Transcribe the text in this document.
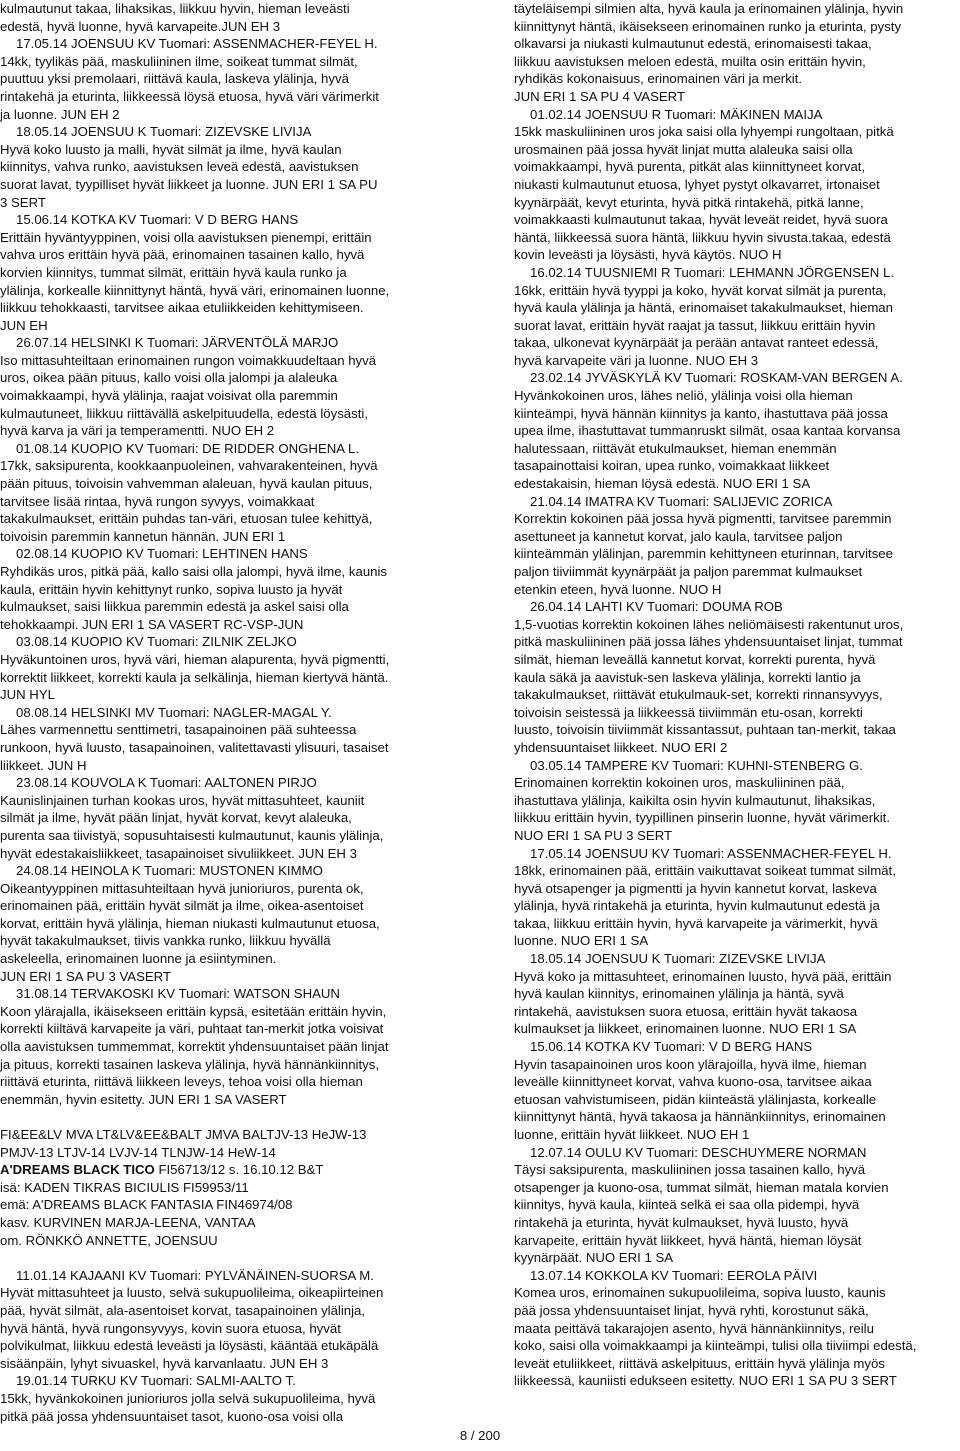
kulmautunut takaa, lihaksikas, liikkuu hyvin, hieman leveästi
edestä, hyvä luonne, hyvä karvapeite.JUN EH 3
17.05.14 JOENSUU KV Tuomari: ASSENMACHER-FEYEL H.
14kk, tyylikäs pää, maskuliininen ilme, soikeat tummat silmät,
puuttuu yksi premolaari, riittävä kaula, laskeva ylälinja, hyvä
rintakehä ja eturinta, liikkeessä löysä etuosa, hyvä väri värimerkit
ja luonne. JUN EH 2
18.05.14 JOENSUU K Tuomari: ZIZEVSKE LIVIJA
Hyvä koko luusto ja malli, hyvät silmät ja ilme, hyvä kaulan
kiinnitys, vahva runko, aavistuksen leveä edestä, aavistuksen
suorat lavat, tyypilliset hyvät liikkeet ja luonne. JUN ERI 1 SA PU
3 SERT
15.06.14 KOTKA KV Tuomari: V D BERG HANS
Erittäin hyväntyyppinen, voisi olla aavistuksen pienempi, erittäin
vahva uros erittäin hyvä pää, erinomainen tasainen kallo, hyvä
korvien kiinnitys, tummat silmät, erittäin hyvä kaula runko ja
ylälinja, korkealle kiinnittynyt häntä, hyvä väri, erinomainen luonne,
liikkuu tehokkaasti, tarvitsee aikaa etuliikkeiden kehittymiseen.
JUN EH
26.07.14 HELSINKI K Tuomari: JÄRVENTÖLÄ MARJO
Iso mittasuhteiltaan erinomainen rungon voimakkuudeltaan hyvä
uros, oikea pään pituus, kallo voisi olla jalompi ja alaleuka
voimakkaampi, hyvä ylälinja, raajat voisivat olla paremmin
kulmautuneet, liikkuu riittävällä askelpituudella, edestä löysästi,
hyvä karva ja väri ja temperamentti. NUO EH 2
01.08.14 KUOPIO KV Tuomari: DE RIDDER ONGHENA L.
17kk, saksipurenta, kookkaanpuoleinen, vahvarakenteinen, hyvä
pään pituus, toivoisin vahvemman alaleuan, hyvä kaulan pituus,
tarvitsee lisää rintaa, hyvä rungon syvyys, voimakkaat
takakulmaukset, erittäin puhdas tan-väri, etuosan tulee kehittyä,
toivoisin paremmin kannetun hännän. JUN ERI 1
02.08.14 KUOPIO KV Tuomari: LEHTINEN HANS
Ryhdikäs uros, pitkä pää, kallo saisi olla jalompi, hyvä ilme, kaunis
kaula, erittäin hyvin kehittynyt runko, sopiva luusto ja hyvät
kulmaukset, saisi liikkua paremmin edestä ja askel saisi olla
tehokkaampi. JUN ERI 1 SA VASERT RC-VSP-JUN
03.08.14 KUOPIO KV Tuomari: ZILNIK ZELJKO
Hyväkuntoinen uros, hyvä väri, hieman alapurenta, hyvä pigmentti,
korrektit liikkeet, korrekti kaula ja selkälinja, hieman kiertyvä häntä.
JUN HYL
08.08.14 HELSINKI MV Tuomari: NAGLER-MAGAL Y.
Lähes varmennettu senttimetri, tasapainoinen pää suhteessa
runkoon, hyvä luusto, tasapainoinen, valitettavasti ylisuuri, tasaiset
liikkeet. JUN H
23.08.14 KOUVOLA K Tuomari: AALTONEN PIRJO
Kaunislinjainen turhan kookas uros, hyvät mittasuhteet, kauniit
silmät ja ilme, hyvät pään linjat, hyvät korvat, kevyt alaleuka,
purenta saa tiivistyä, sopusuhtaisesti kulmautunut, kaunis ylälinja,
hyvät edestakaisliikkeet, tasapainoiset sivuliikkeet. JUN EH 3
24.08.14 HEINOLA K Tuomari: MUSTONEN KIMMO
Oikeantyyppinen mittasuhteiltaan hyvä junioriuros, purenta ok,
erinomainen pää, erittäin hyvät silmät ja ilme, oikea-asentoiset
korvat, erittäin hyvä ylälinja, hieman niukasti kulmautunut etuosa,
hyvät takakulmaukset, tiivis vankka runko, liikkuu hyvällä
askeleella, erinomainen luonne ja esiintyminen.
JUN ERI 1 SA PU 3 VASERT
31.08.14 TERVAKOSKI KV Tuomari: WATSON SHAUN
Koon ylärajalla, ikäisekseen erittäin kypsä, esitetään erittäin hyvin,
korrekti kiiltävä karvapeite ja väri, puhtaat tan-merkit jotka voisivat
olla aavistuksen tummemmat, korrektit yhdensuuntaiset pään linjat
ja pituus, korrekti tasainen laskeva ylälinja, hyvä hännänkiinnitys,
riittävä eturinta, riittävä liikkeen leveys, tehoa voisi olla hieman
enemmän, hyvin esitetty. JUN ERI 1 SA VASERT
FI&EE&LV MVA LT&LV&EE&BALT JMVA BALTJV-13 HeJW-13
PMJV-13 LTJV-14 LVJV-14 TLNJW-14 HeW-14
A'DREAMS BLACK TICO FI56713/12 s. 16.10.12 B&T
isä: KADEN TIKRAS BICIULIS FI59953/11
emä: A'DREAMS BLACK FANTASIA FIN46974/08
kasv. KURVINEN MARJA-LEENA, VANTAA
om. RÖNKKÖ ANNETTE, JOENSUU
11.01.14 KAJAANI KV Tuomari: PYLVÄNÄINEN-SUORSA M.
Hyvät mittasuhteet ja luusto, selvä sukupuolileima, oikeapiirteinen
pää, hyvät silmät, ala-asentoiset korvat, tasapainoinen ylälinja,
hyvä häntä, hyvä rungonsyvyys, kovin suora etuosa, hyvät
polvikulmat, liikkuu edestä leveästi ja löysästi, kääntää etukäpälä
sisäänpäin, lyhyt sivuaskel, hyvä karvanlaatu. JUN EH 3
19.01.14 TURKU KV Tuomari: SALMI-AALTO T.
15kk, hyvänkokoinen junioriuros jolla selvä sukupuolileima, hyvä
pitkä pää jossa yhdensuuntaiset tasot, kuono-osa voisi olla
täyteläisempi silmien alta, hyvä kaula ja erinomainen ylälinja, hyvin
kiinnittynyt häntä, ikäisekseen erinomainen runko ja eturinta, pysty
olkavarsi ja niukasti kulmautunut edestä, erinomaisesti takaa,
liikkuu aavistuksen meloen edestä, muilta osin erittäin hyvin,
ryhdikäs kokonaisuus, erinomainen väri ja merkit.
JUN ERI 1 SA PU 4 VASERT
01.02.14 JOENSUU R Tuomari: MÄKINEN MAIJA
15kk maskuliininen uros joka saisi olla lyhyempi rungoltaan, pitkä
urosmainen pää jossa hyvät linjat mutta alaleuka saisi olla
voimakkaampi, hyvä purenta, pitkät alas kiinnittyneet korvat,
niukasti kulmautunut etuosa, lyhyet pystyt olkavarret, irtonaiset
kyynärpäät, kevyt eturinta, hyvä pitkä rintakehä, pitkä lanne,
voimakkaasti kulmautunut takaa, hyvät leveät reidet, hyvä suora
häntä, liikkeessä suora häntä, liikkuu hyvin sivusta.takaa, edestä
kovin leveästi ja löysästi, hyvä käytös. NUO H
16.02.14 TUUSNIEMI R Tuomari: LEHMANN JÖRGENSEN L.
16kk, erittäin hyvä tyyppi ja koko, hyvät korvat silmät ja purenta,
hyvä kaula ylälinja ja häntä, erinomaiset takakulmaukset, hieman
suorat lavat, erittäin hyvät raajat ja tassut, liikkuu erittäin hyvin
takaa, ulkonevat kyynärpäät ja perään antavat ranteet edessä,
hyvä karvapeite väri ja luonne. NUO EH 3
23.02.14 JYVÄSKYLÄ KV Tuomari: ROSKAM-VAN BERGEN A.
Hyvänkokoinen uros, lähes neliö, ylälinja voisi olla hieman
kiinteämpi, hyvä hännän kiinnitys ja kanto, ihastuttava pää jossa
upea ilme, ihastuttavat tummanruskt silmät, osaa kantaa korvansa
halutessaan, riittävät etukulmaukset, hieman enemmän
tasapainottaisi koiran, upea runko, voimakkaat liikkeet
edestakaisin, hieman löysä edestä. NUO ERI 1 SA
21.04.14 IMATRA KV Tuomari: SALIJEVIC ZORICA
Korrektin kokoinen pää jossa hyvä pigmentti, tarvitsee paremmin
asettuneet ja kannetut korvat, jalo kaula, tarvitsee paljon
kiinteämmän ylälinjan, paremmin kehittyneen eturinnan, tarvitsee
paljon tiiviimmät kyynärpäät ja paljon paremmat kulmaukset
etenkin eteen, hyvä luonne. NUO H
26.04.14 LAHTI KV Tuomari: DOUMA ROB
1,5-vuotias korrektin kokoinen lähes neliömäisesti rakentunut uros,
pitkä maskuliininen pää jossa lähes yhdensuuntaiset linjat, tummat
silmät, hieman leveällä kannetut korvat, korrekti purenta, hyvä
kaula säkä ja aavistuk-sen laskeva ylälinja, korrekti lantio ja
takakulmaukset, riittävät etukulmauk-set, korrekti rinnansyvyys,
toivoisin seistessä ja liikkeessä tiiviimmän etu-osan, korrekti
luusto, toivoisin tiiviimmät kissantassut, puhtaan tan-merkit, takaa
yhdensuuntaiset liikkeet. NUO ERI 2
03.05.14 TAMPERE KV Tuomari: KUHNI-STENBERG G.
Erinomainen korrektin kokoinen uros, maskuliininen pää,
ihastuttava ylälinja, kaikilta osin hyvin kulmautunut, lihaksikas,
liikkuu erittäin hyvin, tyypillinen pinserin luonne, hyvät värimerkit.
NUO ERI 1 SA PU 3 SERT
17.05.14 JOENSUU KV Tuomari: ASSENMACHER-FEYEL H.
18kk, erinomainen pää, erittäin vaikuttavat soikeat tummat silmät,
hyvä otsapenger ja pigmentti ja hyvin kannetut korvat, laskeva
ylälinja, hyvä rintakehä ja eturinta, hyvin kulmautunut edestä ja
takaa, liikkuu erittäin hyvin, hyvä karvapeite ja värimerkit, hyvä
luonne. NUO ERI 1 SA
18.05.14 JOENSUU K Tuomari: ZIZEVSKE LIVIJA
Hyvä koko ja mittasuhteet, erinomainen luusto, hyvä pää, erittäin
hyvä kaulan kiinnitys, erinomainen ylälinja ja häntä, syvä
rintakehä, aavistuksen suora etuosa, erittäin hyvät takaosa
kulmaukset ja liikkeet, erinomainen luonne. NUO ERI 1 SA
15.06.14 KOTKA KV Tuomari: V D BERG HANS
Hyvin tasapainoinen uros koon ylärajoilla, hyvä ilme, hieman
leveälle kiinnittyneet korvat, vahva kuono-osa, tarvitsee aikaa
etuosan vahvistumiseen, pidän kiinteästä ylälinjasta, korkealle
kiinnittynyt häntä, hyvä takaosa ja hännänkiinnitys, erinomainen
luonne, erittäin hyvät liikkeet. NUO EH 1
12.07.14 OULU KV Tuomari: DESCHUYMERE NORMAN
Täysi saksipurenta, maskuliininen jossa tasainen kallo, hyvä
otsapenger ja kuono-osa, tummat silmät, hieman matala korvien
kiinnitys, hyvä kaula, kiinteä selkä ei saa olla pidempi, hyvä
rintakehä ja eturinta, hyvät kulmaukset, hyvä luusto, hyvä
karvapeite, erittäin hyvät liikkeet, hyvä häntä, hieman löysät
kyynärpäät. NUO ERI 1 SA
13.07.14 KOKKOLA KV Tuomari: EEROLA PÄIVI
Komea uros, erinomainen sukupuolileima, sopiva luusto, kaunis
pää jossa yhdensuuntaiset linjat, hyvä ryhti, korostunut säkä,
maata peittävä takarajojen asento, hyvä hännänkiinnitys, reilu
koko, saisi olla voimakkaampi ja kiinteämpi, tulisi olla tiiviimpi edestä,
leveät etuliikkeet, riittävä askelpituus, erittäin hyvä ylälinja myös
liikkeessä, kauniisti edukseen esitetty. NUO ERI 1 SA PU 3 SERT
8 / 200
